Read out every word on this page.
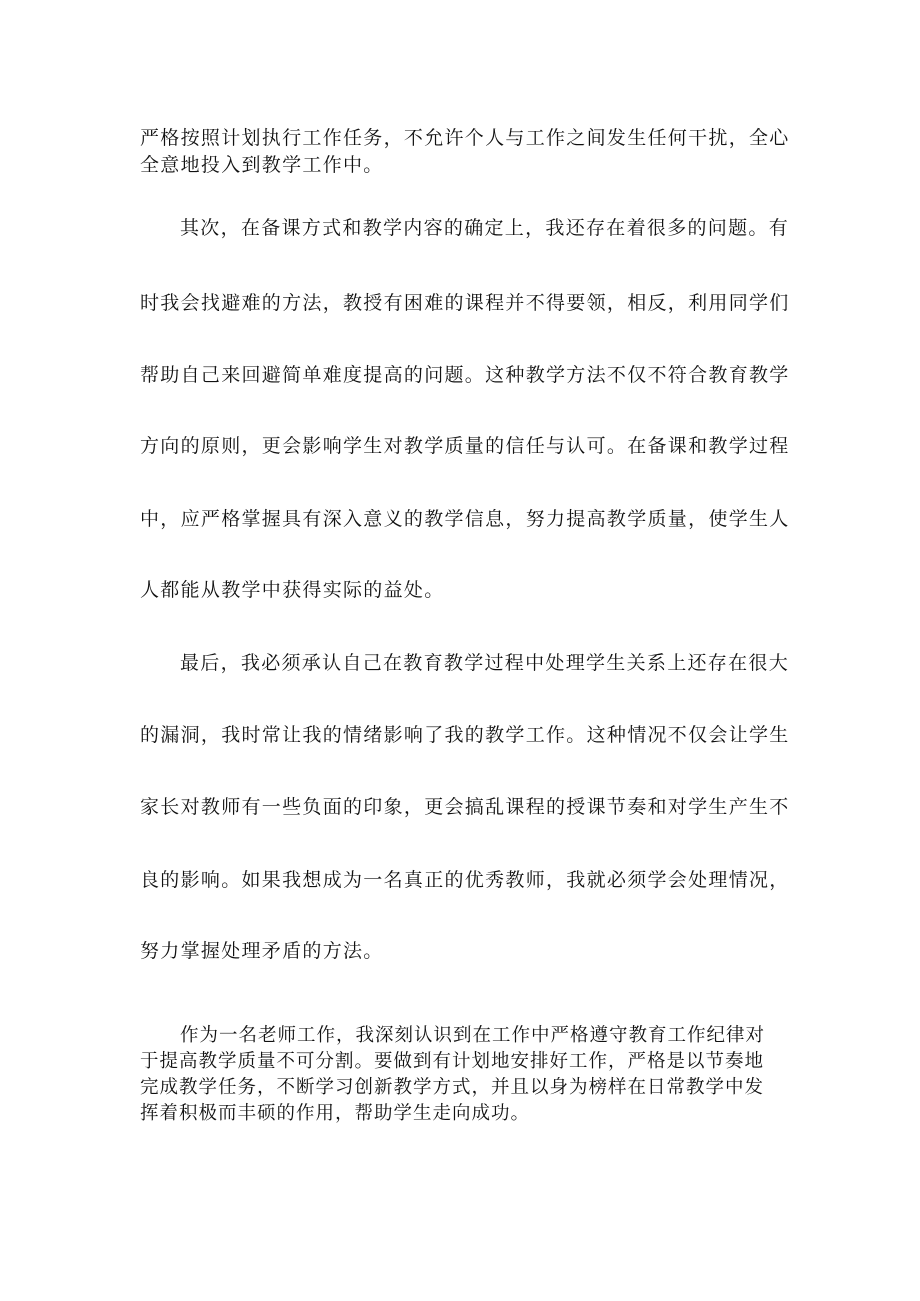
严格按照计划执行工作任务，不允许个人与工作之间发生任何干扰，全心
全意地投入到教学工作中。
其次，在备课方式和教学内容的确定上，我还存在着很多的问题。有
时我会找避难的方法，教授有困难的课程并不得要领，相反，利用同学们
帮助自己来回避简单难度提高的问题。这种教学方法不仅不符合教育教学
方向的原则，更会影响学生对教学质量的信任与认可。在备课和教学过程
中，应严格掌握具有深入意义的教学信息，努力提高教学质量，使学生人
人都能从教学中获得实际的益处。
最后，我必须承认自己在教育教学过程中处理学生关系上还存在很大
的漏洞，我时常让我的情绪影响了我的教学工作。这种情况不仅会让学生
家长对教师有一些负面的印象，更会搞乱课程的授课节奏和对学生产生不
良的影响。如果我想成为一名真正的优秀教师，我就必须学会处理情况，
努力掌握处理矛盾的方法。
作为一名老师工作，我深刻认识到在工作中严格遵守教育工作纪律对
于提高教学质量不可分割。要做到有计划地安排好工作，严格是以节奏地
完成教学任务，不断学习创新教学方式，并且以身为榜样在日常教学中发
挥着积极而丰硕的作用，帮助学生走向成功。
